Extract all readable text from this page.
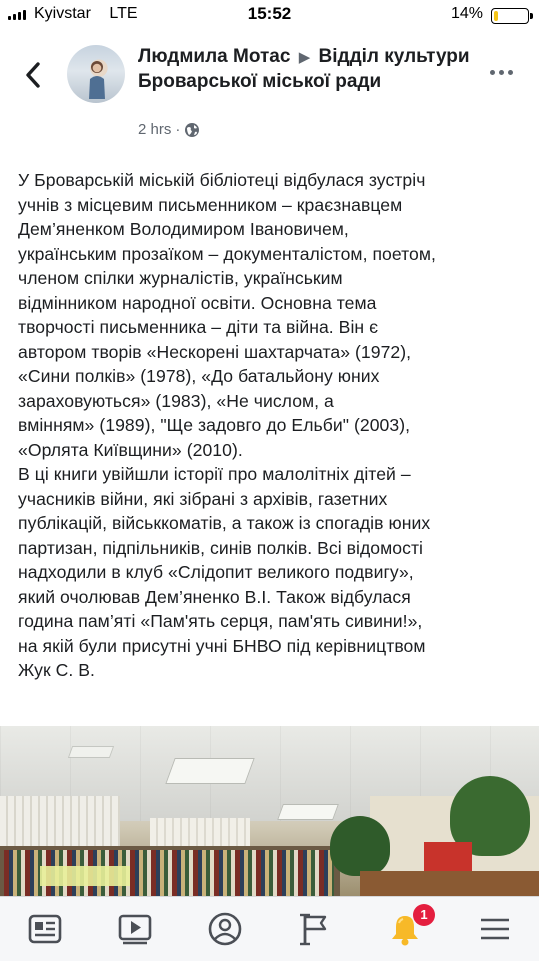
Kyivstar LTE	15:52	14%
Людмила Мотас ▶ Відділ культури Броварської міської ради
2 hrs ·
У Броварській міській бібліотеці відбулася зустріч
учнів з місцевим письменником – краєзнавцем
Дем’яненком Володимиром Івановичем,
українським прозаїком – документалістом, поетом,
членом спілки журналістів, українським
відмінником народної освіти. Основна тема
творчості письменника – діти та війна. Він є
автором творів «Нескорені шахтарчата» (1972),
«Сини полків» (1978), «До батальйону юних
зараховуються» (1983), «Не числом, а
вмінням» (1989), "Ще задовго до Ельби" (2003),
«Орлята Київщини» (2010).
В ці книги увійшли історії про малолітніх дітей –
учасників війни, які зібрані з архівів, газетних
публікацій, військкоматів, а також із спогадів юних
партизан, підпільників, синів полків. Всі відомості
надходили в клуб «Слідопит великого подвигу»,
який очолював Дем’яненко В.І. Також відбулася
година пам’яті «Пам'ять серця, пам'ять сивини!»,
на якій були присутні учні БНВО під керівництвом
Жук С. В.
1
